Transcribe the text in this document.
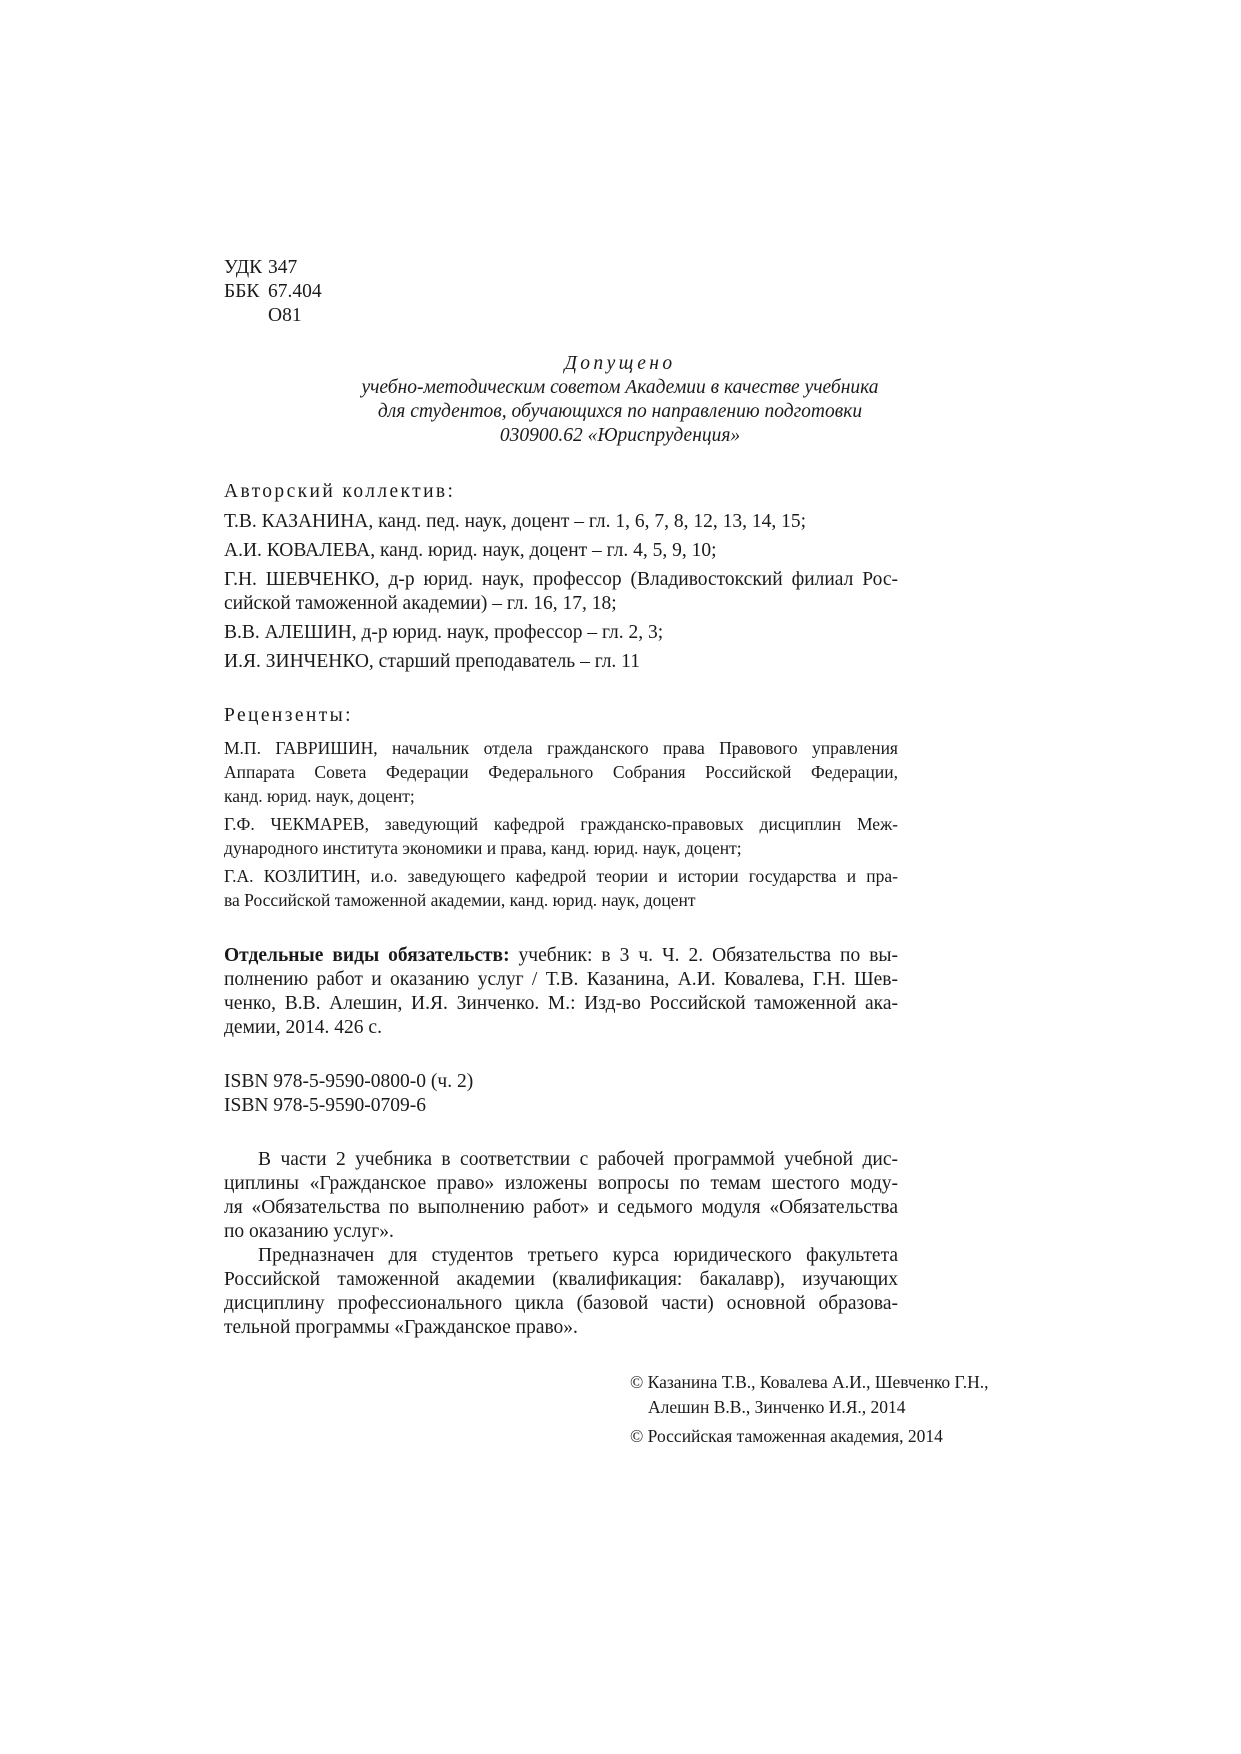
УДК 347
ББК 67.404
О81
Допущено
учебно-методическим советом Академии в качестве учебника
для студентов, обучающихся по направлению подготовки
030900.62 «Юриспруденция»
Авторский коллектив:
Т.В. КАЗАНИНА, канд. пед. наук, доцент – гл. 1, 6, 7, 8, 12, 13, 14, 15;
А.И. КОВАЛЕВА, канд. юрид. наук, доцент – гл. 4, 5, 9, 10;
Г.Н. ШЕВЧЕНКО, д-р юрид. наук, профессор (Владивостокский филиал Рос-
сийской таможенной академии) – гл. 16, 17, 18;
В.В. АЛЕШИН, д-р юрид. наук, профессор – гл. 2, 3;
И.Я. ЗИНЧЕНКО, старший преподаватель – гл. 11
Рецензенты:
М.П. ГАВРИШИН, начальник отдела гражданского права Правового управления
Аппарата Совета Федерации Федерального Собрания Российской Федерации,
канд. юрид. наук, доцент;
Г.Ф. ЧЕКМАРЕВ, заведующий кафедрой гражданско-правовых дисциплин Меж-
дународного института экономики и права, канд. юрид. наук, доцент;
Г.А. КОЗЛИТИН, и.о. заведующего кафедрой теории и истории государства и пра-
ва Российской таможенной академии, канд. юрид. наук, доцент
Отдельные виды обязательств: учебник: в 3 ч. Ч. 2. Обязательства по вы-
полнению работ и оказанию услуг / Т.В. Казанина, А.И. Ковалева, Г.Н. Шев-
ченко, В.В. Алешин, И.Я. Зинченко. М.: Изд-во Российской таможенной ака-
демии, 2014. 426 с.
ISBN 978-5-9590-0800-0 (ч. 2)
ISBN 978-5-9590-0709-6
В части 2 учебника в соответствии с рабочей программой учебной дис-
циплины «Гражданское право» изложены вопросы по темам шестого моду-
ля «Обязательства по выполнению работ» и седьмого модуля «Обязательства
по оказанию услуг».
Предназначен для студентов третьего курса юридического факультета
Российской таможенной академии (квалификация: бакалавр), изучающих
дисциплину профессионального цикла (базовой части) основной образова-
тельной программы «Гражданское право».
© Казанина Т.В., Ковалева А.И., Шевченко Г.Н.,
Алешин В.В., Зинченко И.Я., 2014
© Российская таможенная академия, 2014
